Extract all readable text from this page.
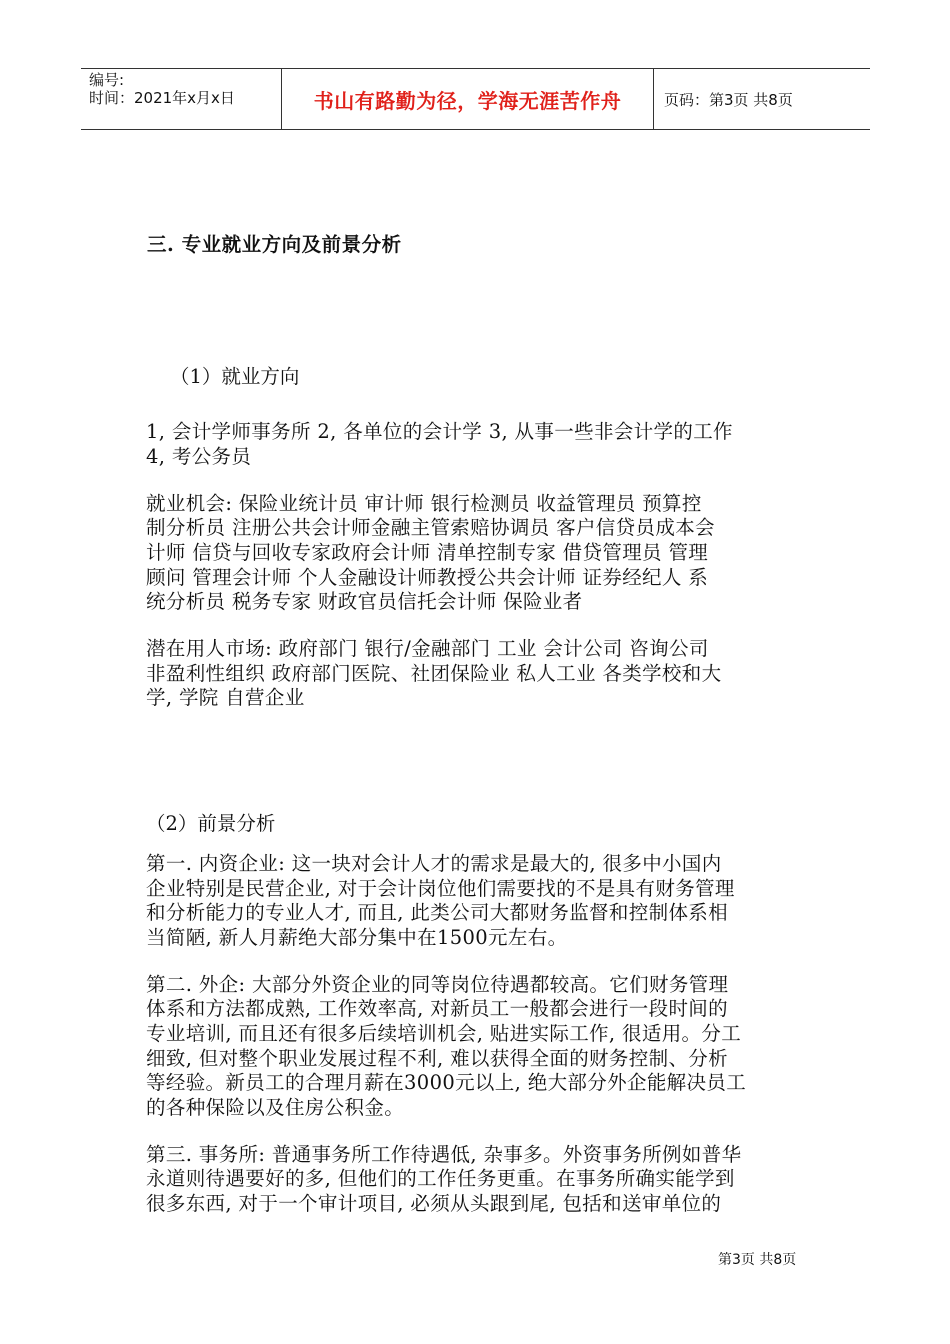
编号:
时间：2021年x月x日	书山有路勤为径，学海无涯苦作舟	页码：第3页 共8页
三. 专业就业方向及前景分析
（1）就业方向
1, 会计学师事务所 2, 各单位的会计学 3, 从事一些非会计学的工作
4, 考公务员
就业机会: 保险业统计员 审计师 银行检测员 收益管理员 预算控
制分析员 注册公共会计师金融主管索赔协调员 客户信贷员成本会
计师 信贷与回收专家政府会计师 清单控制专家 借贷管理员 管理
顾问 管理会计师 个人金融设计师教授公共会计师 证券经纪人 系
统分析员 税务专家 财政官员信托会计师 保险业者
潜在用人市场: 政府部门 银行/金融部门 工业 会计公司 咨询公司
非盈利性组织 政府部门医院、社团保险业 私人工业 各类学校和大
学, 学院 自营企业
（2）前景分析
第一. 内资企业: 这一块对会计人才的需求是最大的, 很多中小国内
企业特别是民营企业, 对于会计岗位他们需要找的不是具有财务管理
和分析能力的专业人才, 而且, 此类公司大都财务监督和控制体系相
当简陋, 新人月薪绝大部分集中在1500元左右。
第二. 外企: 大部分外资企业的同等岗位待遇都较高。它们财务管理
体系和方法都成熟, 工作效率高, 对新员工一般都会进行一段时间的
专业培训, 而且还有很多后续培训机会, 贴进实际工作, 很适用。分工
细致, 但对整个职业发展过程不利, 难以获得全面的财务控制、分析
等经验。新员工的合理月薪在3000元以上, 绝大部分外企能解决员工
的各种保险以及住房公积金。
第三. 事务所: 普通事务所工作待遇低, 杂事多。外资事务所例如普华
永道则待遇要好的多, 但他们的工作任务更重。在事务所确实能学到
很多东西, 对于一个审计项目, 必须从头跟到尾, 包括和送审单位的
第3页 共8页
